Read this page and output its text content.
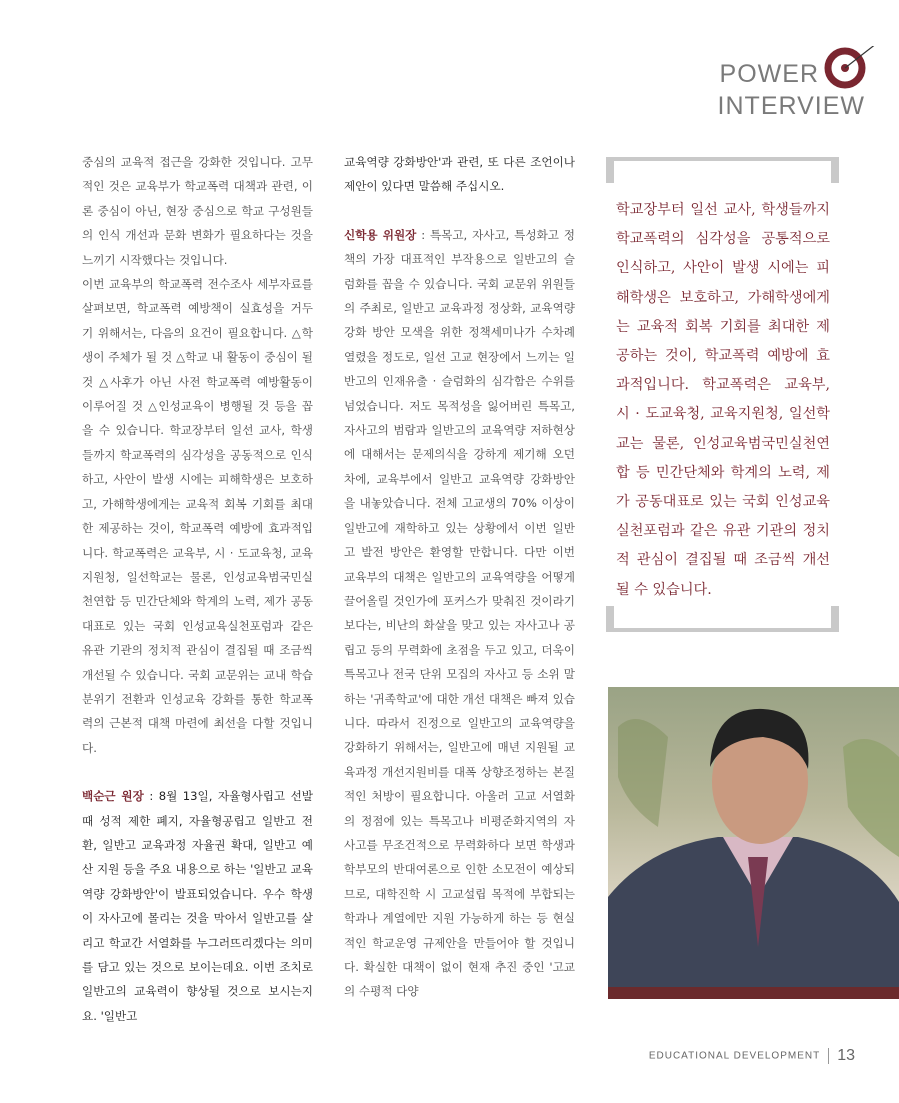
POWER
INTERVIEW

중심의 교육적 접근을 강화한 것입니다. 고무적인 것은 교육부가 학교폭력 대책과 관련, 이론 중심이 아닌, 현장 중심으로 학교 구성원들의 인식 개선과 문화 변화가 필요하다는 것을 느끼기 시작했다는 것입니다.

이번 교육부의 학교폭력 전수조사 세부자료를 살펴보면, 학교폭력 예방책이 실효성을 거두기 위해서는, 다음의 요건이 필요합니다. △학생이 주체가 될 것 △학교 내 활동이 중심이 될 것 △사후가 아닌 사전 학교폭력 예방활동이 이루어질 것 △인성교육이 병행될 것 등을 꼽을 수 있습니다. 학교장부터 일선 교사, 학생들까지 학교폭력의 심각성을 공동적으로 인식하고, 사안이 발생 시에는 피해학생은 보호하고, 가해학생에게는 교육적 회복 기회를 최대한 제공하는 것이, 학교폭력 예방에 효과적입니다. 학교폭력은 교육부, 시 · 도교육청, 교육지원청, 일선학교는 물론, 인성교육범국민실천연합 등 민간단체와 학계의 노력, 제가 공동대표로 있는 국회 인성교육실천포럼과 같은 유관 기관의 정치적 관심이 결집될 때 조금씩 개선될 수 있습니다. 국회 교문위는 교내 학습분위기 전환과 인성교육 강화를 통한 학교폭력의 근본적 대책 마련에 최선을 다할 것입니다.

백순근 원장 : 8월 13일, 자율형사립고 선발 때 성적 제한 폐지, 자율형공립고 일반고 전환, 일반고 교육과정 자율권 확대, 일반고 예산 지원 등을 주요 내용으로 하는 '일반고 교육역량 강화방안'이 발표되었습니다. 우수 학생이 자사고에 몰리는 것을 막아서 일반고를 살리고 학교간 서열화를 누그러뜨리겠다는 의미를 담고 있는 것으로 보이는데요. 이번 조치로 일반고의 교육력이 향상될 것으로 보시는지요. '일반고

교육역량 강화방안'과 관련, 또 다른 조언이나 제안이 있다면 말씀해 주십시오.

신학용 위원장 : 특목고, 자사고, 특성화고 정책의 가장 대표적인 부작용으로 일반고의 슬럼화를 꼽을 수 있습니다. 국회 교문위 위원들의 주최로, 일반고 교육과정 정상화, 교육역량 강화 방안 모색을 위한 정책세미나가 수차례 열렸을 정도로, 일선 고교 현장에서 느끼는 일반고의 인재유출 · 슬럼화의 심각함은 수위를 넘었습니다. 저도 목적성을 잃어버린 특목고, 자사고의 범람과 일반고의 교육역량 저하현상에 대해서는 문제의식을 강하게 제기해 오던 차에, 교육부에서 일반고 교육역량 강화방안을 내놓았습니다. 전체 고교생의 70% 이상이 일반고에 재학하고 있는 상황에서 이번 일반고 발전 방안은 환영할 만합니다. 다만 이번 교육부의 대책은 일반고의 교육역량을 어떻게 끌어올릴 것인가에 포커스가 맞춰진 것이라기보다는, 비난의 화살을 맞고 있는 자사고나 공립고 등의 무력화에 초점을 두고 있고, 더욱이 특목고나 전국 단위 모집의 자사고 등 소위 말하는 '귀족학교'에 대한 개선 대책은 빠져 있습니다. 따라서 진정으로 일반고의 교육역량을 강화하기 위해서는, 일반고에 매년 지원될 교육과정 개선지원비를 대폭 상향조정하는 본질적인 처방이 필요합니다. 아울러 고교 서열화의 정점에 있는 특목고나 비평준화지역의 자사고를 무조건적으로 무력화하다 보면 학생과 학부모의 반대여론으로 인한 소모전이 예상되므로, 대학진학 시 고교설립 목적에 부합되는 학과나 계열에만 지원 가능하게 하는 등 현실적인 학교운영 규제안을 만들어야 할 것입니다. 확실한 대책이 없이 현재 추진 중인 '고교의 수평적 다양

학교장부터 일선 교사, 학생들까지 학교폭력의 심각성을 공통적으로 인식하고, 사안이 발생 시에는 피해학생은 보호하고, 가해학생에게는 교육적 회복 기회를 최대한 제공하는 것이, 학교폭력 예방에 효과적입니다. 학교폭력은 교육부, 시 · 도교육청, 교육지원청, 일선학교는 물론, 인성교육범국민실천연합 등 민간단체와 학계의 노력, 제가 공동대표로 있는 국회 인성교육실천포럼과 같은 유관 기관의 정치적 관심이 결집될 때 조금씩 개선될 수 있습니다.
EDUCATIONAL DEVELOPMENT 13
